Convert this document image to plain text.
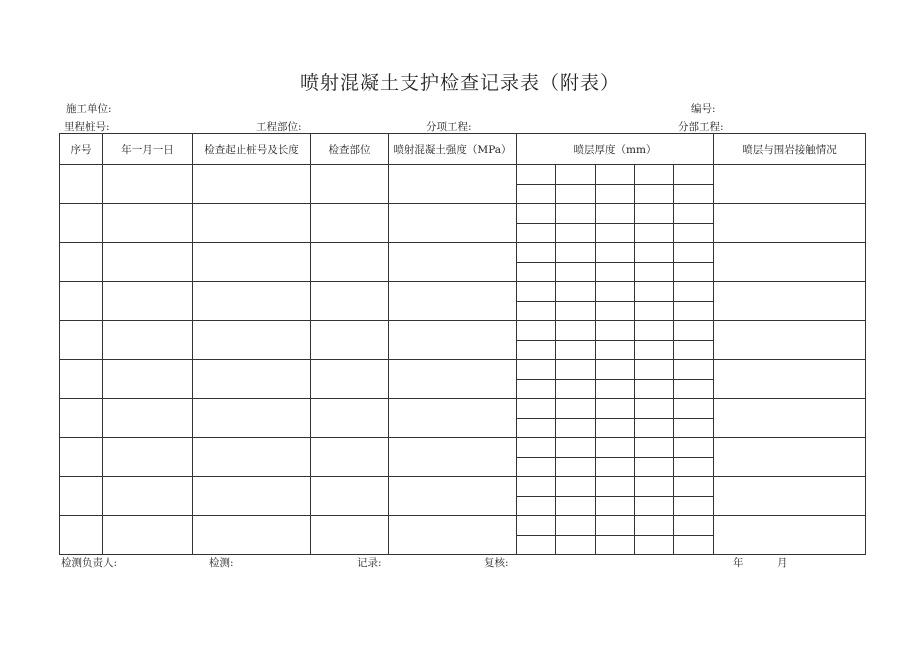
喷射混凝土支护检查记录表（附表）
施工单位:	编号:
里程桩号:	工程部位:	分项工程:	分部工程:
序号	年一月一日	检查起止桩号及长度	检查部位	喷射混凝土强度（MPa）	喷层厚度（mm）					喷层与围岩接触情况

检测负责人:	检测:	记录:	复核:	年	月
